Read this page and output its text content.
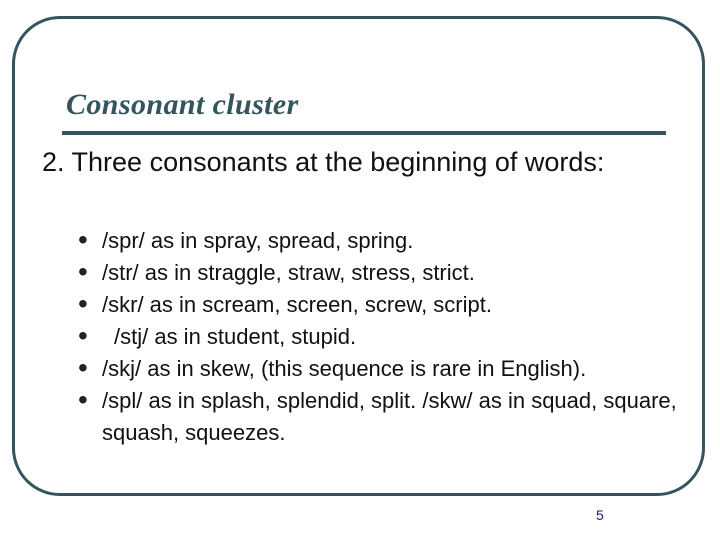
Consonant cluster
2. Three consonants at the beginning of words:
• /spr/ as in spray, spread, spring.
• /str/ as in straggle, straw, stress, strict.
• /skr/ as in scream, screen, screw, script.
• /stj/ as in student, stupid.
• /skj/ as in skew, (this sequence is rare in English).
• /spl/ as in splash, splendid, split. /skw/ as in squad, square, squash, squeezes.
5
